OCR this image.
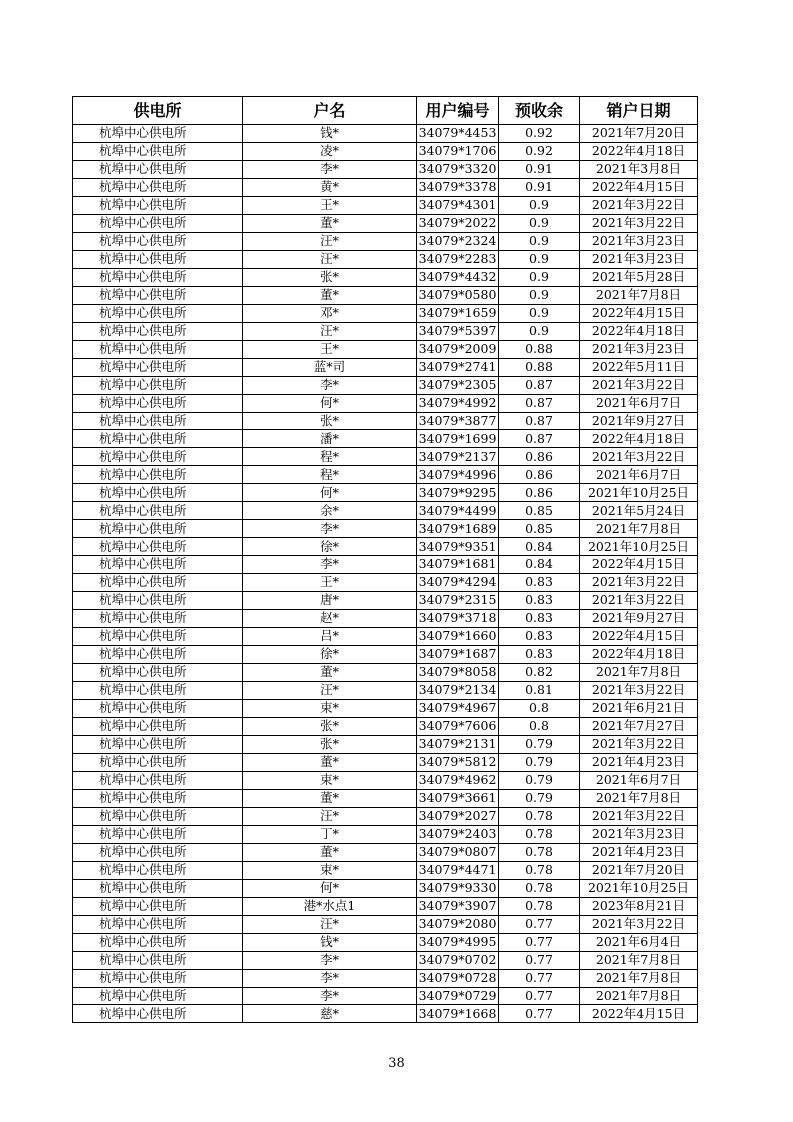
供电所	户名	用户编号	预收余	销户日期
杭埠中心供电所	钱*	34079*4453	0.92	2021年7月20日
杭埠中心供电所	凌*	34079*1706	0.92	2022年4月18日
杭埠中心供电所	李*	34079*3320	0.91	2021年3月8日
杭埠中心供电所	黄*	34079*3378	0.91	2022年4月15日
杭埠中心供电所	王*	34079*4301	0.9	2021年3月22日
杭埠中心供电所	董*	34079*2022	0.9	2021年3月22日
杭埠中心供电所	汪*	34079*2324	0.9	2021年3月23日
杭埠中心供电所	汪*	34079*2283	0.9	2021年3月23日
杭埠中心供电所	张*	34079*4432	0.9	2021年5月28日
杭埠中心供电所	董*	34079*0580	0.9	2021年7月8日
杭埠中心供电所	邓*	34079*1659	0.9	2022年4月15日
杭埠中心供电所	汪*	34079*5397	0.9	2022年4月18日
杭埠中心供电所	王*	34079*2009	0.88	2021年3月23日
杭埠中心供电所	蓝*司	34079*2741	0.88	2022年5月11日
杭埠中心供电所	李*	34079*2305	0.87	2021年3月22日
杭埠中心供电所	何*	34079*4992	0.87	2021年6月7日
杭埠中心供电所	张*	34079*3877	0.87	2021年9月27日
杭埠中心供电所	潘*	34079*1699	0.87	2022年4月18日
杭埠中心供电所	程*	34079*2137	0.86	2021年3月22日
杭埠中心供电所	程*	34079*4996	0.86	2021年6月7日
杭埠中心供电所	何*	34079*9295	0.86	2021年10月25日
杭埠中心供电所	余*	34079*4499	0.85	2021年5月24日
杭埠中心供电所	李*	34079*1689	0.85	2021年7月8日
杭埠中心供电所	徐*	34079*9351	0.84	2021年10月25日
杭埠中心供电所	李*	34079*1681	0.84	2022年4月15日
杭埠中心供电所	王*	34079*4294	0.83	2021年3月22日
杭埠中心供电所	唐*	34079*2315	0.83	2021年3月22日
杭埠中心供电所	赵*	34079*3718	0.83	2021年9月27日
杭埠中心供电所	吕*	34079*1660	0.83	2022年4月15日
杭埠中心供电所	徐*	34079*1687	0.83	2022年4月18日
杭埠中心供电所	董*	34079*8058	0.82	2021年7月8日
杭埠中心供电所	汪*	34079*2134	0.81	2021年3月22日
杭埠中心供电所	束*	34079*4967	0.8	2021年6月21日
杭埠中心供电所	张*	34079*7606	0.8	2021年7月27日
杭埠中心供电所	张*	34079*2131	0.79	2021年3月22日
杭埠中心供电所	董*	34079*5812	0.79	2021年4月23日
杭埠中心供电所	束*	34079*4962	0.79	2021年6月7日
杭埠中心供电所	董*	34079*3661	0.79	2021年7月8日
杭埠中心供电所	汪*	34079*2027	0.78	2021年3月22日
杭埠中心供电所	丁*	34079*2403	0.78	2021年3月23日
杭埠中心供电所	董*	34079*0807	0.78	2021年4月23日
杭埠中心供电所	束*	34079*4471	0.78	2021年7月20日
杭埠中心供电所	何*	34079*9330	0.78	2021年10月25日
杭埠中心供电所	港*水点1	34079*3907	0.78	2023年8月21日
杭埠中心供电所	汪*	34079*2080	0.77	2021年3月22日
杭埠中心供电所	钱*	34079*4995	0.77	2021年6月4日
杭埠中心供电所	李*	34079*0702	0.77	2021年7月8日
杭埠中心供电所	李*	34079*0728	0.77	2021年7月8日
杭埠中心供电所	李*	34079*0729	0.77	2021年7月8日
杭埠中心供电所	慈*	34079*1668	0.77	2022年4月15日
38
